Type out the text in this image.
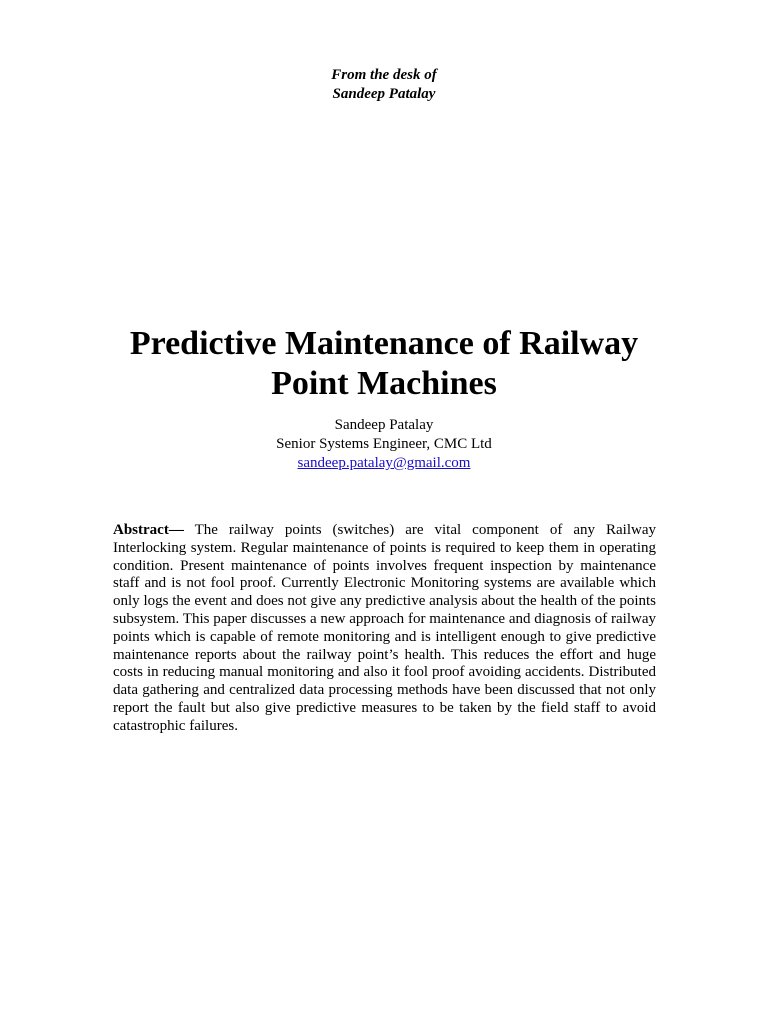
From the desk of
Sandeep Patalay
Predictive Maintenance of Railway
Point Machines
Sandeep Patalay
Senior Systems Engineer, CMC Ltd
sandeep.patalay@gmail.com

Abstract— The railway points (switches) are vital component of any Railway Interlocking system. Regular maintenance of points is required to keep them in operating condition. Present maintenance of points involves frequent inspection by maintenance staff and is not fool proof. Currently Electronic Monitoring systems are available which only logs the event and does not give any predictive analysis about the health of the points subsystem. This paper discusses a new approach for maintenance and diagnosis of railway points which is capable of remote monitoring and is intelligent enough to give predictive maintenance reports about the railway point’s health. This reduces the effort and huge costs in reducing manual monitoring and also it fool proof avoiding accidents. Distributed data gathering and centralized data processing methods have been discussed that not only report the fault but also give predictive measures to be taken by the field staff to avoid catastrophic failures.
